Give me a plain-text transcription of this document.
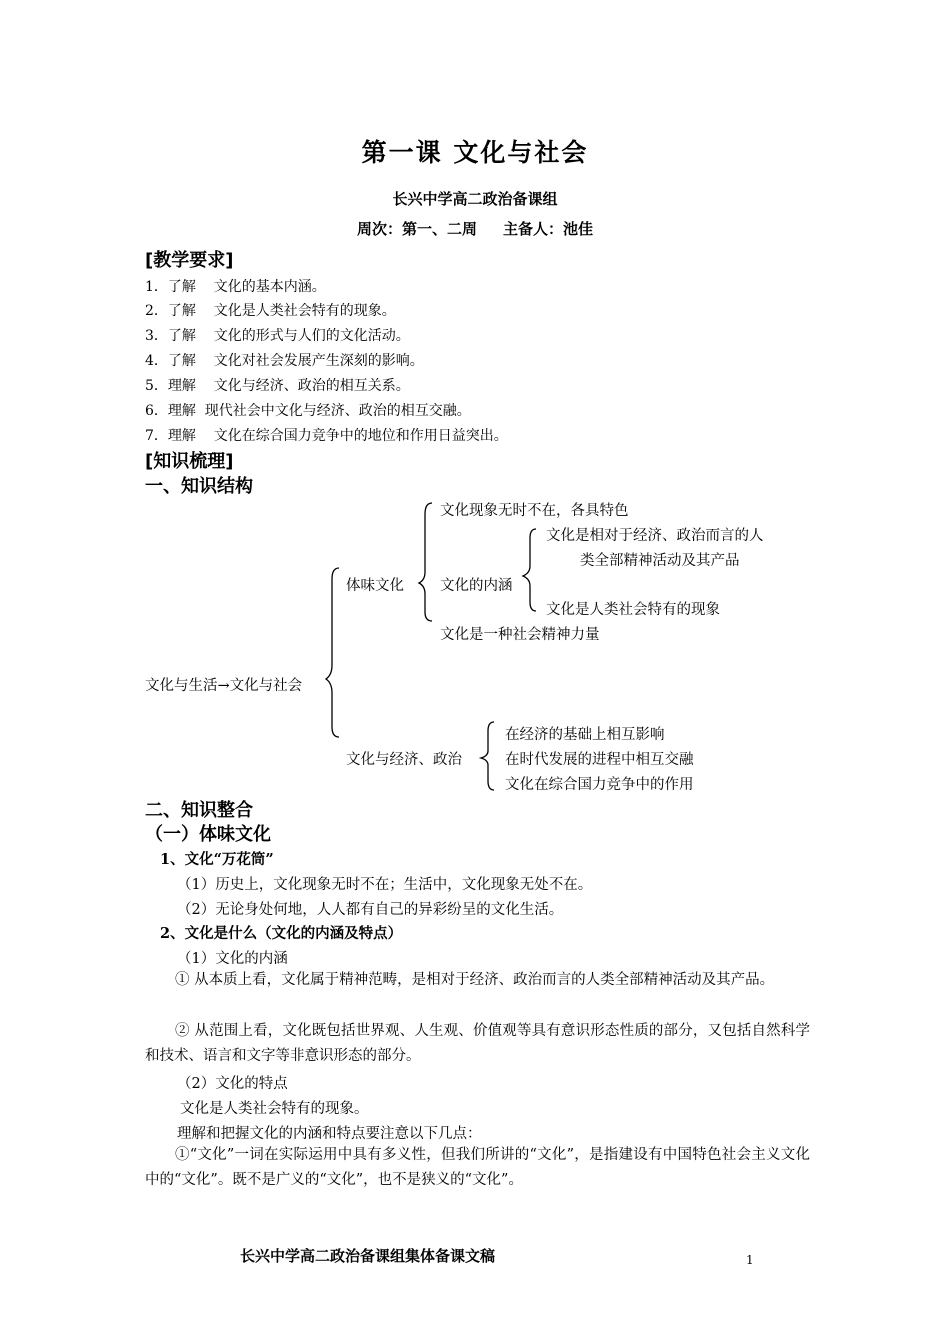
第一课 文化与社会
长兴中学高二政治备课组
周次：第一、二周     主备人：池佳
[教学要求]
1．了解    文化的基本内涵。
2．了解    文化是人类社会特有的现象。
3．了解    文化的形式与人们的文化活动。
4．了解    文化对社会发展产生深刻的影响。
5．理解    文化与经济、政治的相互关系。
6．理解  现代社会中文化与经济、政治的相互交融。
7．理解    文化在综合国力竞争中的地位和作用日益突出。
[知识梳理]
一、知识结构
文化与生活→文化与社会
体味文化
文化现象无时不在，各具特色
文化的内涵
文化是一种社会精神力量
文化是相对于经济、政治而言的人
类全部精神活动及其产品
文化是人类社会特有的现象
文化与经济、政治
在经济的基础上相互影响
在时代发展的进程中相互交融
文化在综合国力竞争中的作用
二、知识整合
（一）体味文化
1、文化“万花筒”
（1）历史上，文化现象无时不在；生活中，文化现象无处不在。
（2）无论身处何地，人人都有自己的异彩纷呈的文化生活。
2、文化是什么（文化的内涵及特点）
（1）文化的内涵
① 从本质上看，文化属于精神范畴，是相对于经济、政治而言的人类全部精神活动及其产品。
② 从范围上看，文化既包括世界观、人生观、价值观等具有意识形态性质的部分，又包括自然科学和技术、语言和文字等非意识形态的部分。
（2）文化的特点
文化是人类社会特有的现象。
理解和把握文化的内涵和特点要注意以下几点：
①“文化”一词在实际运用中具有多义性，但我们所讲的“文化”，是指建设有中国特色社会主义文化中的“文化”。既不是广义的“文化”，也不是狭义的“文化”。
长兴中学高二政治备课组集体备课文稿	1
